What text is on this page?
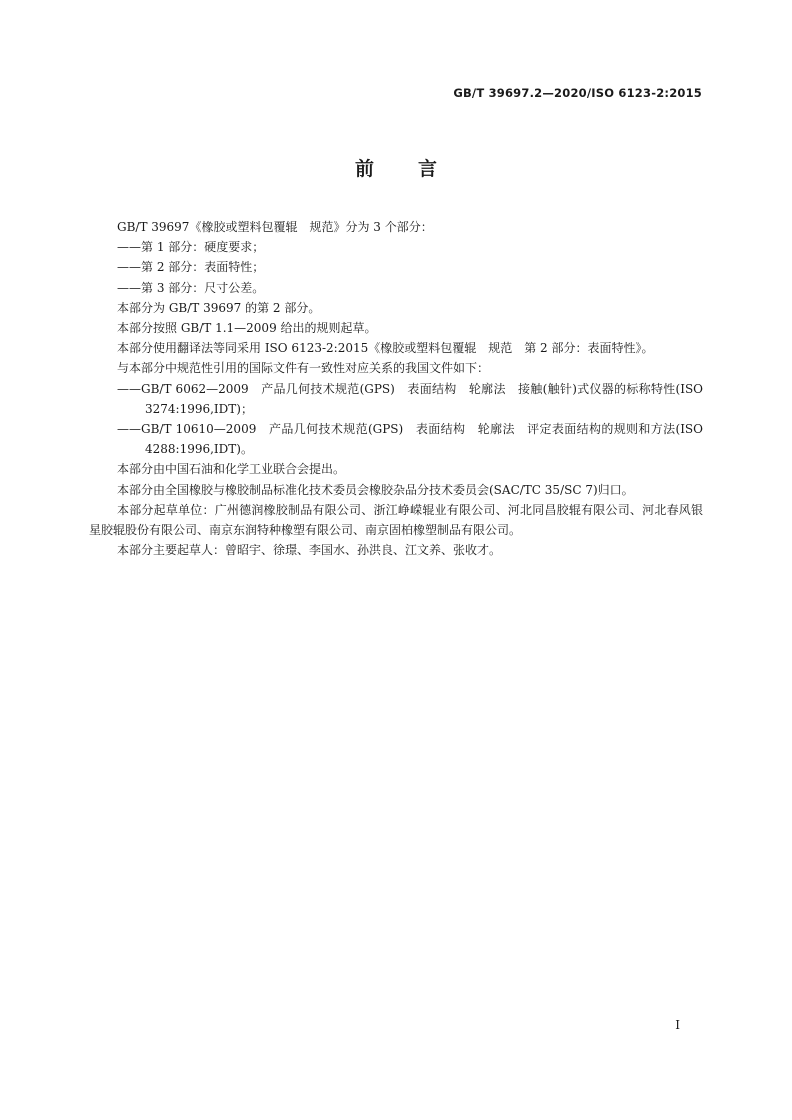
GB/T 39697.2—2020/ISO 6123-2:2015
前言
GB/T 39697《橡胶或塑料包覆辊　规范》分为 3 个部分：
——第 1 部分：硬度要求；
——第 2 部分：表面特性；
——第 3 部分：尺寸公差。
本部分为 GB/T 39697 的第 2 部分。
本部分按照 GB/T 1.1—2009 给出的规则起草。
本部分使用翻译法等同采用 ISO 6123-2:2015《橡胶或塑料包覆辊　规范　第 2 部分：表面特性》。
与本部分中规范性引用的国际文件有一致性对应关系的我国文件如下：
——GB/T 6062—2009　产品几何技术规范(GPS)　表面结构　轮廓法　接触(触针)式仪器的标称特性(ISO 3274:1996,IDT)；
——GB/T 10610—2009　产品几何技术规范(GPS)　表面结构　轮廓法　评定表面结构的规则和方法(ISO 4288:1996,IDT)。
本部分由中国石油和化学工业联合会提出。
本部分由全国橡胶与橡胶制品标准化技术委员会橡胶杂品分技术委员会(SAC/TC 35/SC 7)归口。
本部分起草单位：广州德润橡胶制品有限公司、浙江峥嵘辊业有限公司、河北同昌胶辊有限公司、河北春风银星胶辊股份有限公司、南京东润特种橡塑有限公司、南京固柏橡塑制品有限公司。
本部分主要起草人：曾昭宇、徐璟、李国水、孙洪良、江文养、张收才。
I
